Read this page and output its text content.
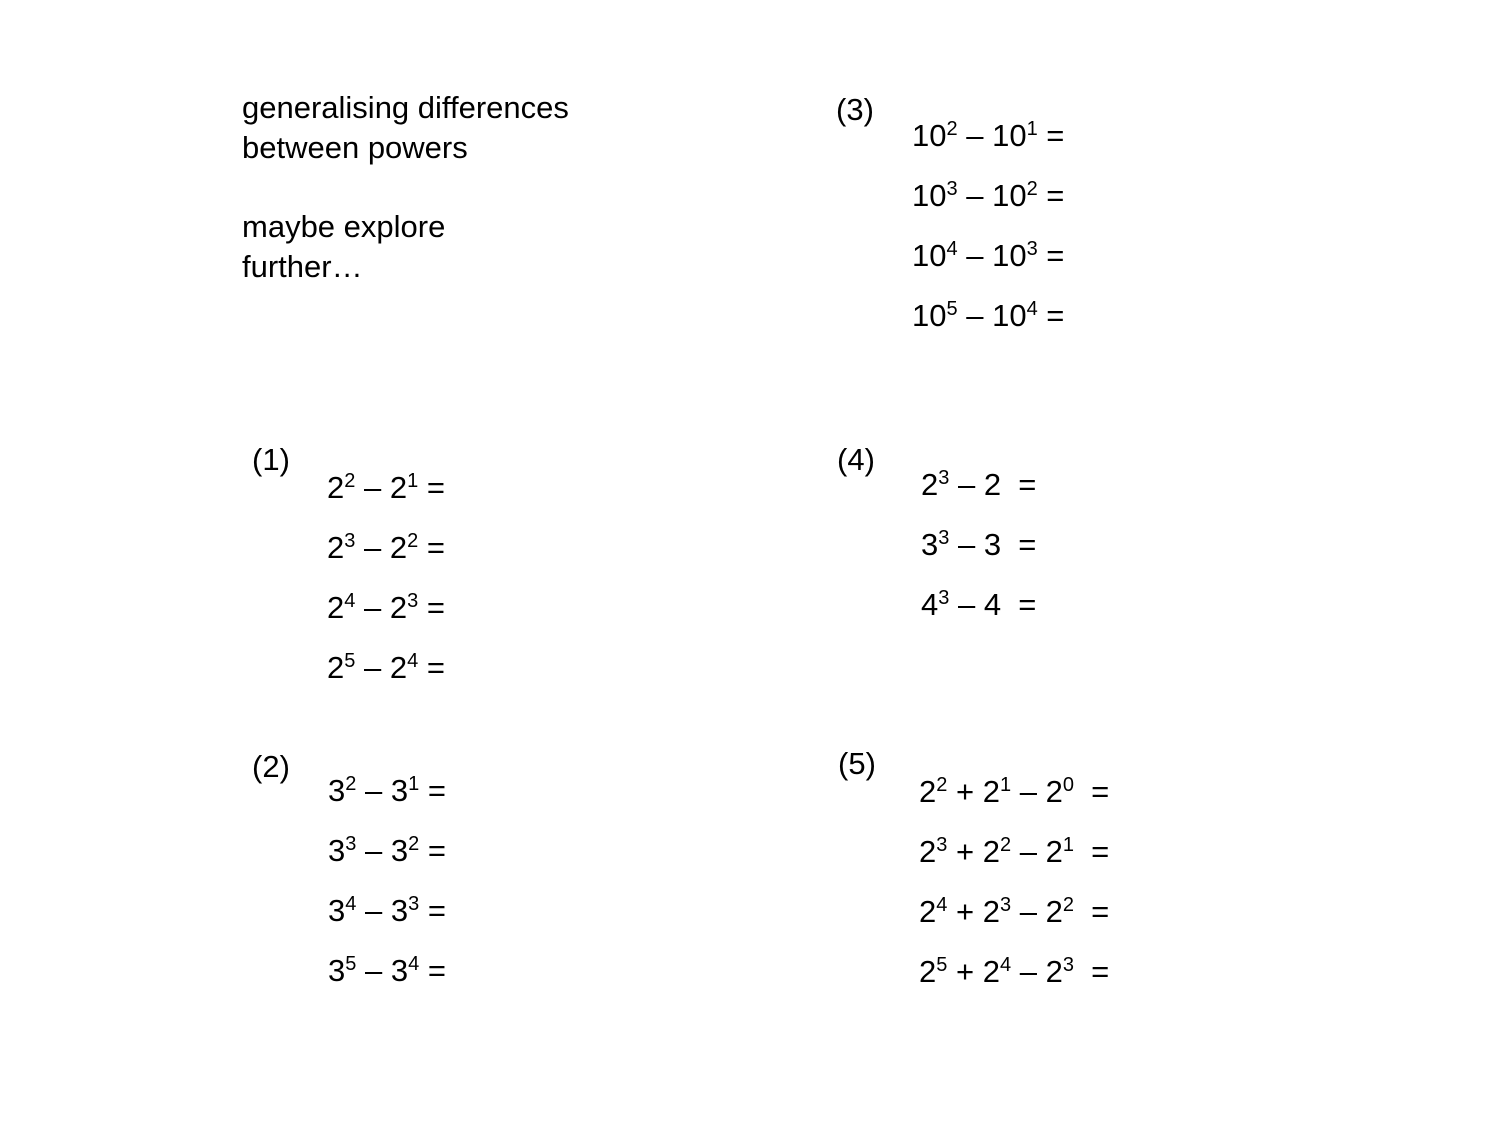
generalising differences
between powers
maybe explore
further…
(3)
$10^2 - 10^1$ =
$10^3 - 10^2$ =
$10^4 - 10^3$ =
$10^5 - 10^4$ =
(1)
$2^2 - 2^1$ =
$2^3 - 2^2$ =
$2^4 - 2^3$ =
$2^5 - 2^4$ =
(4)
$2^3 - 2$  =
$3^3 - 3$  =
$4^3 - 4$  =
(2)
$3^2 - 3^1$ =
$3^3 - 3^2$ =
$3^4 - 3^3$ =
$3^5 - 3^4$ =
(5)
$2^2 + 2^1 - 2^0$  =
$2^3 + 2^2 - 2^1$  =
$2^4 + 2^3 - 2^2$  =
$2^5 + 2^4 - 2^3$  =
